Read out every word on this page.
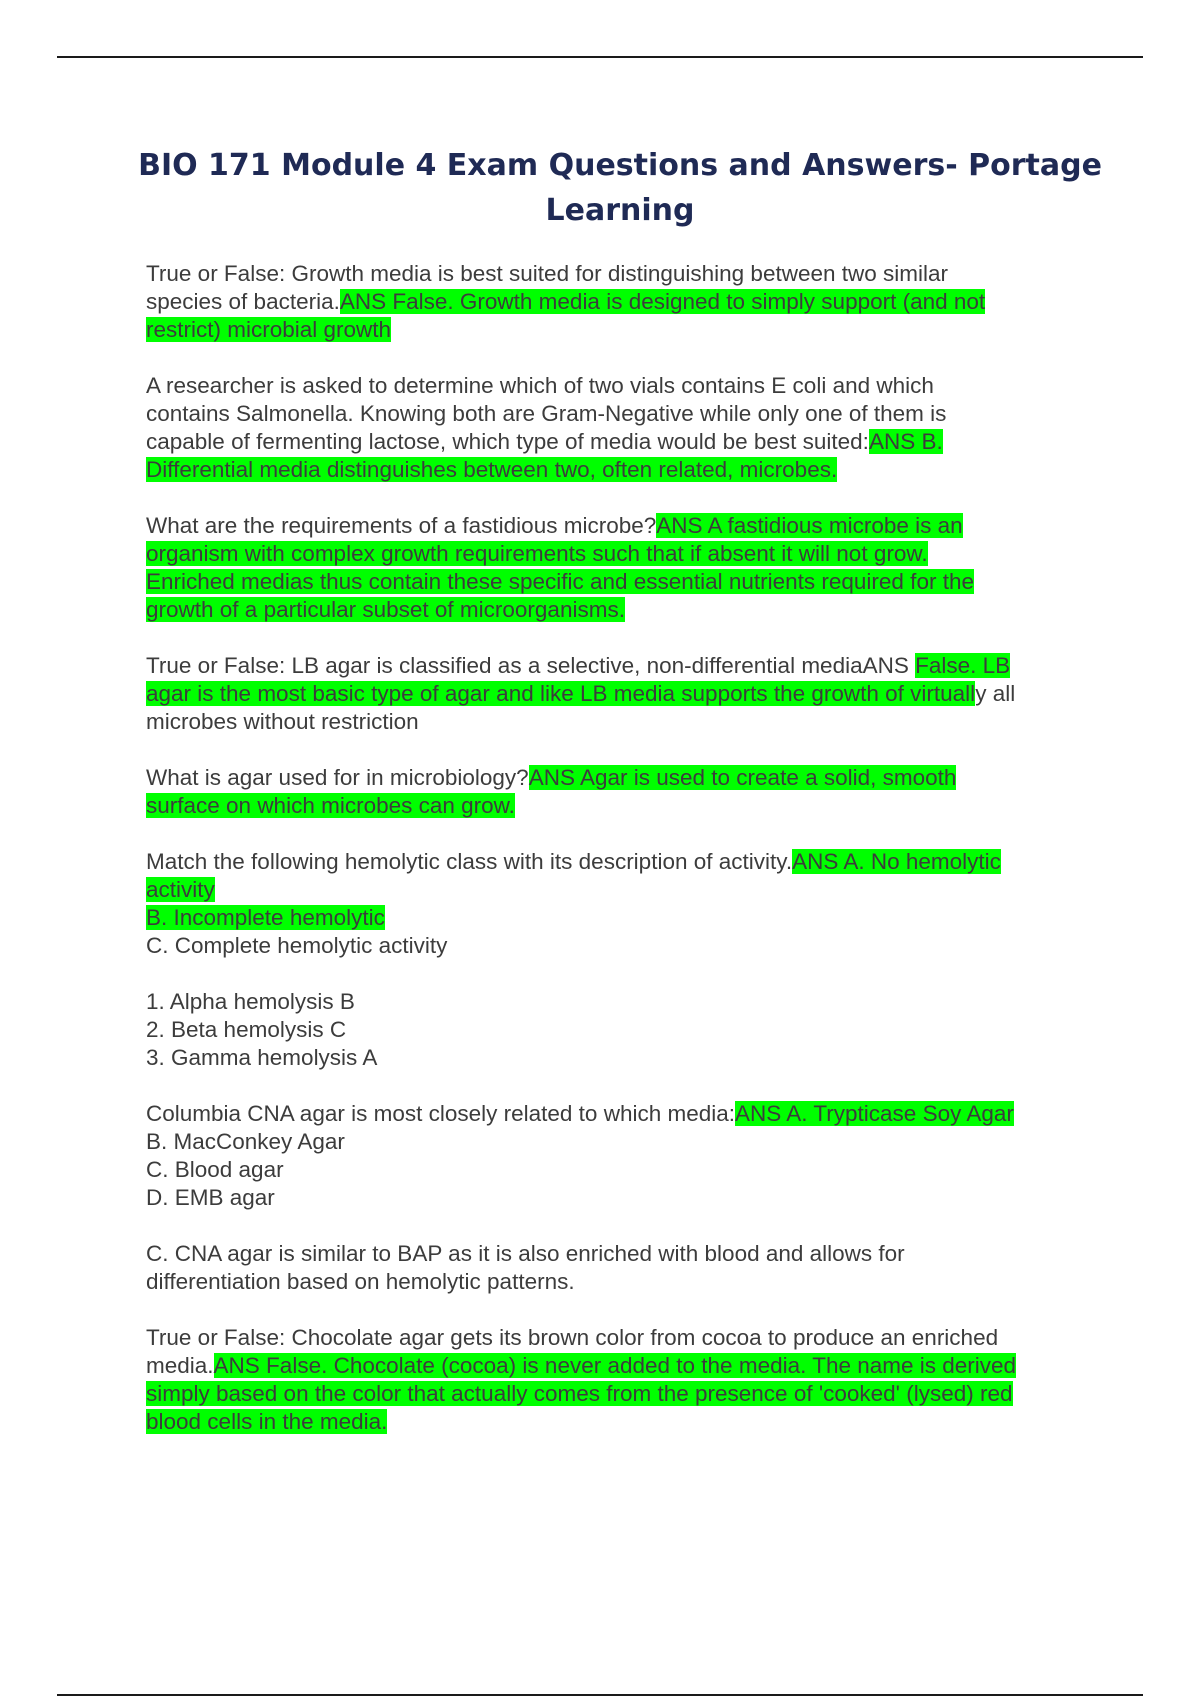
BIO 171 Module 4 Exam Questions and Answers- Portage
Learning

True or False: Growth media is best suited for distinguishing between two similar
species of bacteria.ANS False. Growth media is designed to simply support (and not
restrict) microbial growth

A researcher is asked to determine which of two vials contains E coli and which
contains Salmonella. Knowing both are Gram-Negative while only one of them is
capable of fermenting lactose, which type of media would be best suited:ANS B.
Differential media distinguishes between two, often related, microbes.

What are the requirements of a fastidious microbe?ANS A fastidious microbe is an
organism with complex growth requirements such that if absent it will not grow.
Enriched medias thus contain these specific and essential nutrients required for the
growth of a particular subset of microorganisms.

True or False: LB agar is classified as a selective, non-differential mediaANS False. LB
agar is the most basic type of agar and like LB media supports the growth of virtually all
microbes without restriction

What is agar used for in microbiology?ANS Agar is used to create a solid, smooth
surface on which microbes can grow.

Match the following hemolytic class with its description of activity.ANS A. No hemolytic
activity
B. Incomplete hemolytic
C. Complete hemolytic activity

1. Alpha hemolysis B
2. Beta hemolysis C
3. Gamma hemolysis A

Columbia CNA agar is most closely related to which media:ANS A. Trypticase Soy Agar
B. MacConkey Agar
C. Blood agar
D. EMB agar

C. CNA agar is similar to BAP as it is also enriched with blood and allows for
differentiation based on hemolytic patterns.

True or False: Chocolate agar gets its brown color from cocoa to produce an enriched
media.ANS False. Chocolate (cocoa) is never added to the media. The name is derived
simply based on the color that actually comes from the presence of 'cooked' (lysed) red
blood cells in the media.
